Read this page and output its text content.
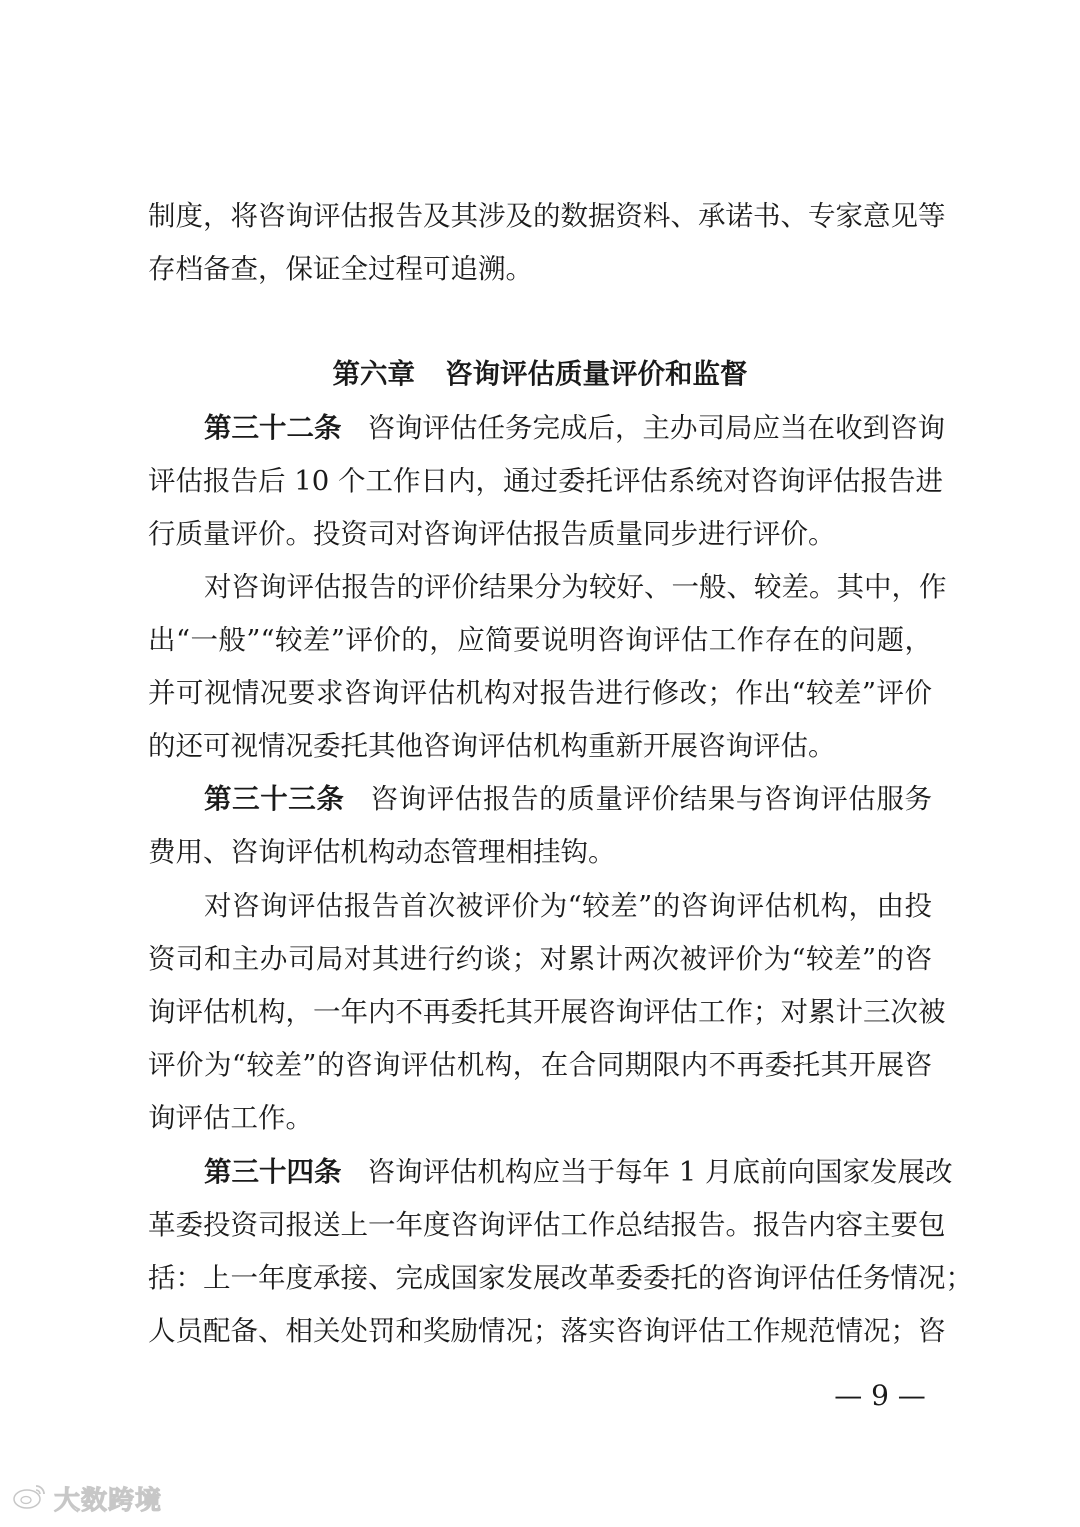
制度，将咨询评估报告及其涉及的数据资料、承诺书、专家意见等
存档备查，保证全过程可追溯。
第六章 咨询评估质量评价和监督
第三十二条 咨询评估任务完成后，主办司局应当在收到咨询
评估报告后 10 个工作日内，通过委托评估系统对咨询评估报告进
行质量评价。投资司对咨询评估报告质量同步进行评价。
对咨询评估报告的评价结果分为较好、一般、较差。其中，作
出“一般”“较差”评价的，应简要说明咨询评估工作存在的问题，
并可视情况要求咨询评估机构对报告进行修改；作出“较差”评价
的还可视情况委托其他咨询评估机构重新开展咨询评估。
第三十三条 咨询评估报告的质量评价结果与咨询评估服务
费用、咨询评估机构动态管理相挂钩。
对咨询评估报告首次被评价为“较差”的咨询评估机构，由投
资司和主办司局对其进行约谈；对累计两次被评价为“较差”的咨
询评估机构，一年内不再委托其开展咨询评估工作；对累计三次被
评价为“较差”的咨询评估机构，在合同期限内不再委托其开展咨
询评估工作。
第三十四条 咨询评估机构应当于每年 1 月底前向国家发展改
革委投资司报送上一年度咨询评估工作总结报告。报告内容主要包
括：上一年度承接、完成国家发展改革委委托的咨询评估任务情况；
人员配备、相关处罚和奖励情况；落实咨询评估工作规范情况；咨
— 9 —
大数跨境
